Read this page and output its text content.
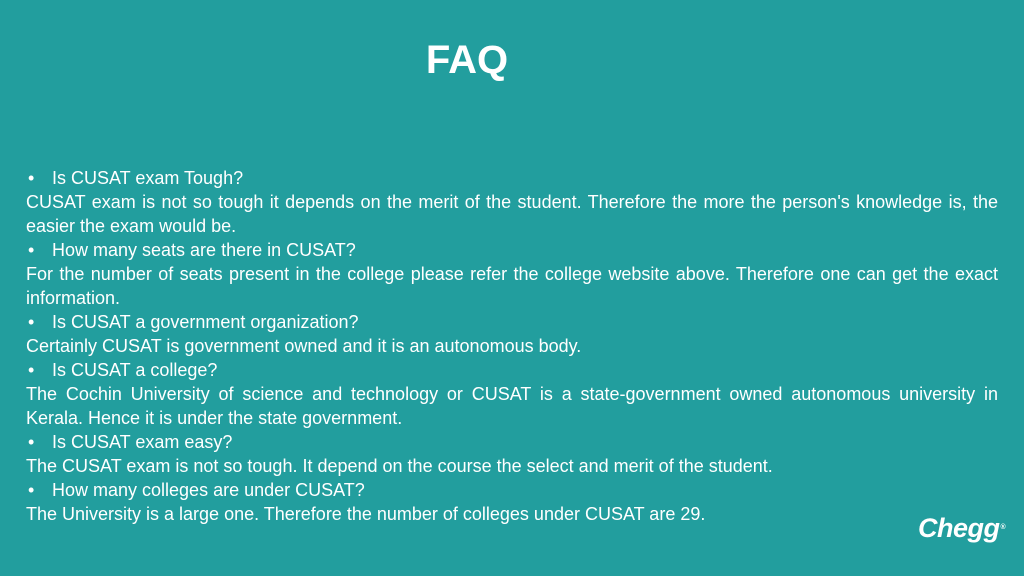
FAQ
• Is CUSAT exam Tough?

CUSAT exam is not so tough it depends on the merit of the student. Therefore the more the person's knowledge is, the easier the exam would be.

• How many seats are there in CUSAT?

For the number of seats present in the college please refer the college website above. Therefore one can get the exact information.

• Is CUSAT a government organization?

Certainly CUSAT is government owned and it is an autonomous body.

• Is CUSAT a college?

The Cochin University of science and technology or CUSAT is a state-government owned autonomous university in Kerala. Hence it is under the state government.

• Is CUSAT exam easy?

The CUSAT exam is not so tough. It depend on the course the select and merit of the student.

• How many colleges are under CUSAT?

The University is a large one. Therefore the number of colleges under CUSAT are 29.	Chegg®
